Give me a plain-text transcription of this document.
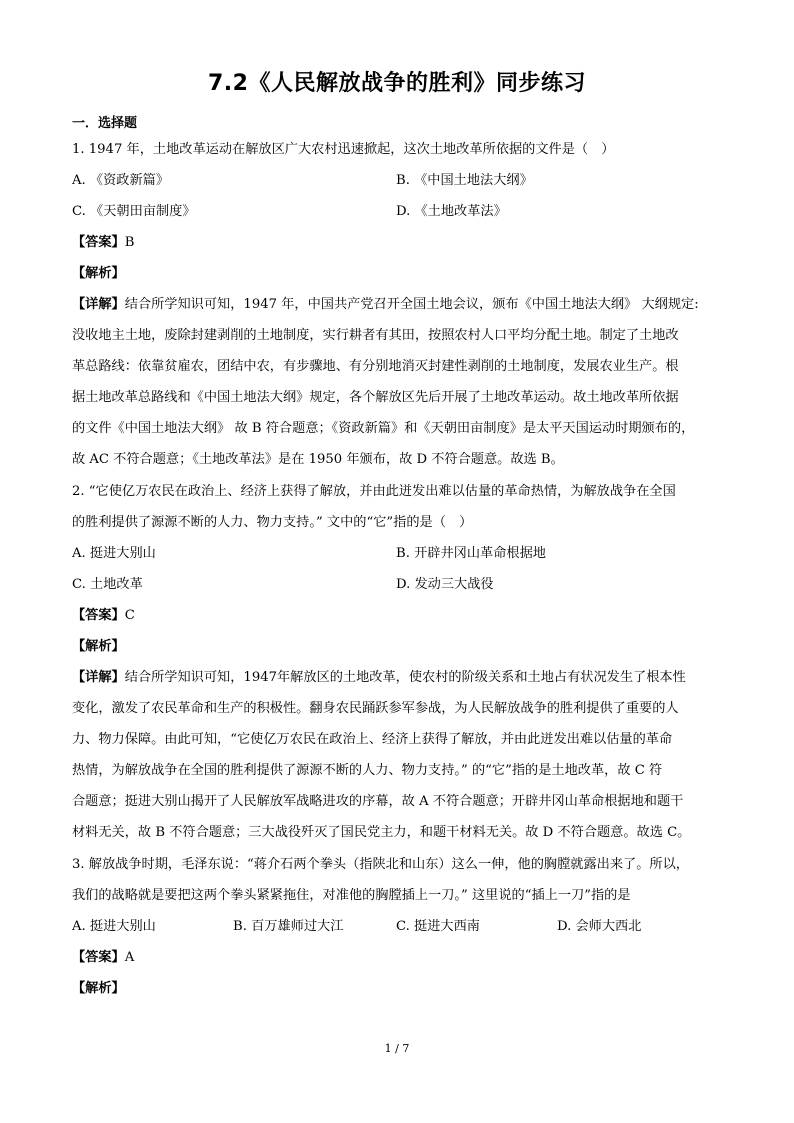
7.2《人民解放战争的胜利》同步练习
一．选择题
1. 1947 年，土地改革运动在解放区广大农村迅速掀起，这次土地改革所依据的文件是（　）
A. 《资政新篇》	B. 《中国土地法大纲》
C. 《天朝田亩制度》	D. 《土地改革法》
【答案】B
【解析】
【详解】结合所学知识可知，1947 年，中国共产党召开全国土地会议，颁布《中国土地法大纲》 大纲规定:
没收地主土地，废除封建剥削的土地制度，实行耕者有其田，按照农村人口平均分配土地。制定了土地改
革总路线：依靠贫雇农，团结中农，有步骤地、有分别地消灭封建性剥削的土地制度，发展农业生产。根
据土地改革总路线和《中国土地法大纲》规定，各个解放区先后开展了土地改革运动。故土地改革所依据
的文件《中国土地法大纲》 故 B 符合题意；《资政新篇》和《天朝田亩制度》是太平天国运动时期颁布的，
故 AC 不符合题意；《土地改革法》是在 1950 年颁布，故 D 不符合题意。故选 B。
2. “它使亿万农民在政治上、经济上获得了解放，并由此迸发出难以估量的革命热情，为解放战争在全国
的胜利提供了源源不断的人力、物力支持。” 文中的“它”指的是（　）
A. 挺进大别山	B. 开辟井冈山革命根据地
C. 土地改革	D. 发动三大战役
【答案】C
【解析】
【详解】结合所学知识可知，1947年解放区的土地改革，使农村的阶级关系和土地占有状况发生了根本性
变化，激发了农民革命和生产的积极性。翻身农民踊跃参军参战，为人民解放战争的胜利提供了重要的人
力、物力保障。由此可知，“它使亿万农民在政治上、经济上获得了解放，并由此迸发出难以估量的革命
热情，为解放战争在全国的胜利提供了源源不断的人力、物力支持。” 的“它”指的是土地改革，故 C 符
合题意；挺进大别山揭开了人民解放军战略进攻的序幕，故 A 不符合题意；开辟井冈山革命根据地和题干
材料无关，故 B 不符合题意；三大战役歼灭了国民党主力，和题干材料无关。故 D 不符合题意。故选 C。
3. 解放战争时期，毛泽东说：“蒋介石两个拳头（指陕北和山东）这么一伸，他的胸膛就露出来了。所以，
我们的战略就是要把这两个拳头紧紧拖住，对准他的胸膛插上一刀。” 这里说的“插上一刀”指的是
A. 挺进大别山	B. 百万雄师过大江	C. 挺进大西南	D. 会师大西北
【答案】A
【解析】
1 / 7
